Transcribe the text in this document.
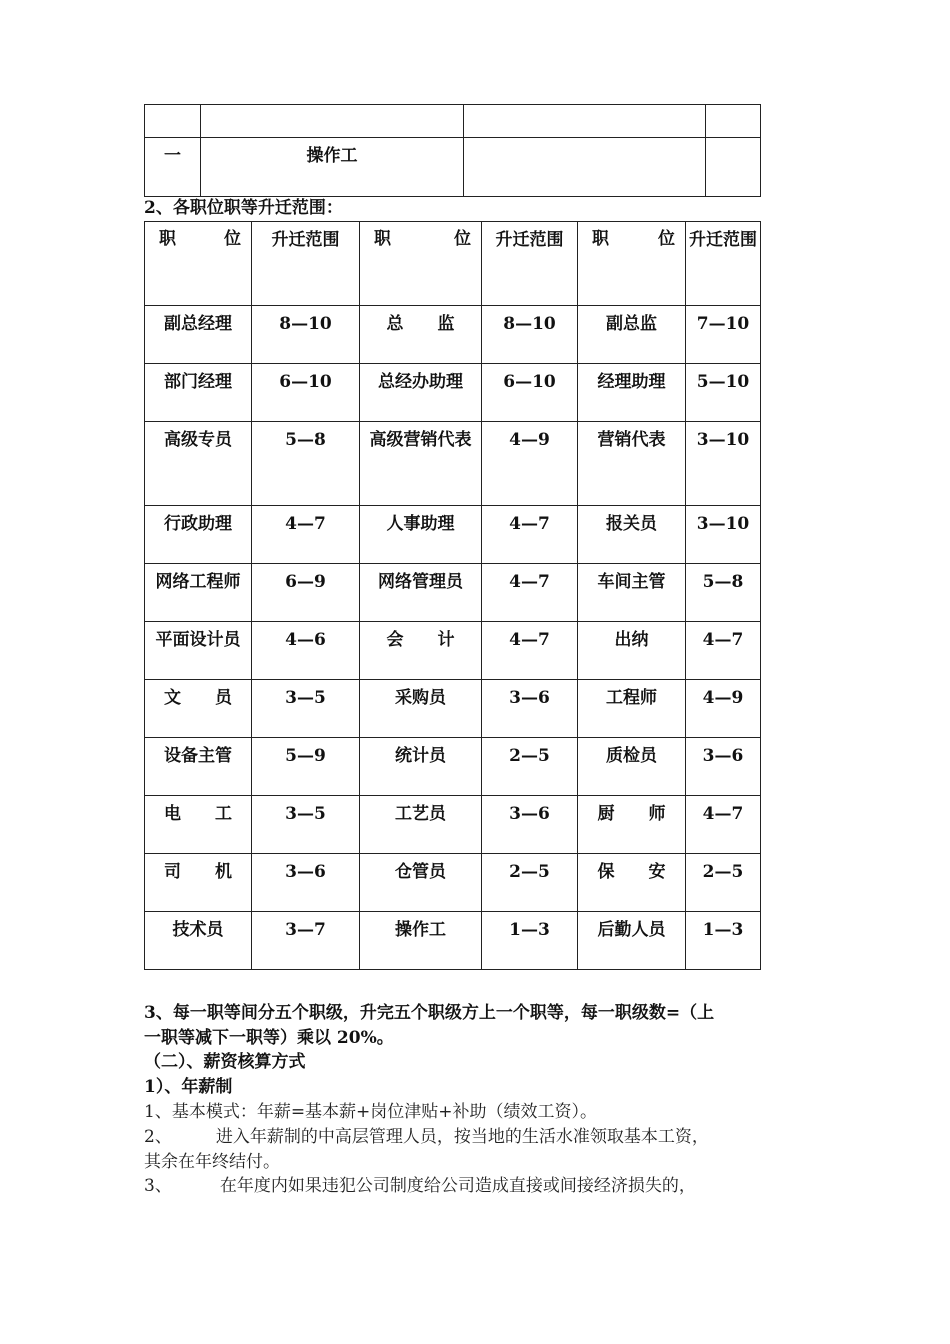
一	操作工		
2、各职位职等升迁范围：
职　　位	升迁范围	职　　位	升迁范围	职　　位	升迁范围
副总经理	8—10	总　　监	8—10	副总监	7—10
部门经理	6—10	总经办助理	6—10	经理助理	5—10
高级专员	5—8	高级营销代表	4—9	营销代表	3—10
行政助理	4—7	人事助理	4—7	报关员	3—10
网络工程师	6—9	网络管理员	4—7	车间主管	5—8
平面设计员	4—6	会　　计	4—7	出纳	4—7
文　　员	3—5	采购员	3—6	工程师	4—9
设备主管	5—9	统计员	2—5	质检员	3—6
电　　工	3—5	工艺员	3—6	厨　　师	4—7
司　　机	3—6	仓管员	2—5	保　　安	2—5
技术员	3—7	操作工	1—3	后勤人员	1—3
3、每一职等间分五个职级，升完五个职级方上一个职等，每一职级数=（上
一职等减下一职等）乘以 20%。
（二）、薪资核算方式
1）、年薪制
1、基本模式：年薪=基本薪+岗位津贴+补助（绩效工资）。
2、	进入年薪制的中高层管理人员，按当地的生活水准领取基本工资，
其余在年终结付。
3、	在年度内如果违犯公司制度给公司造成直接或间接经济损失的，
